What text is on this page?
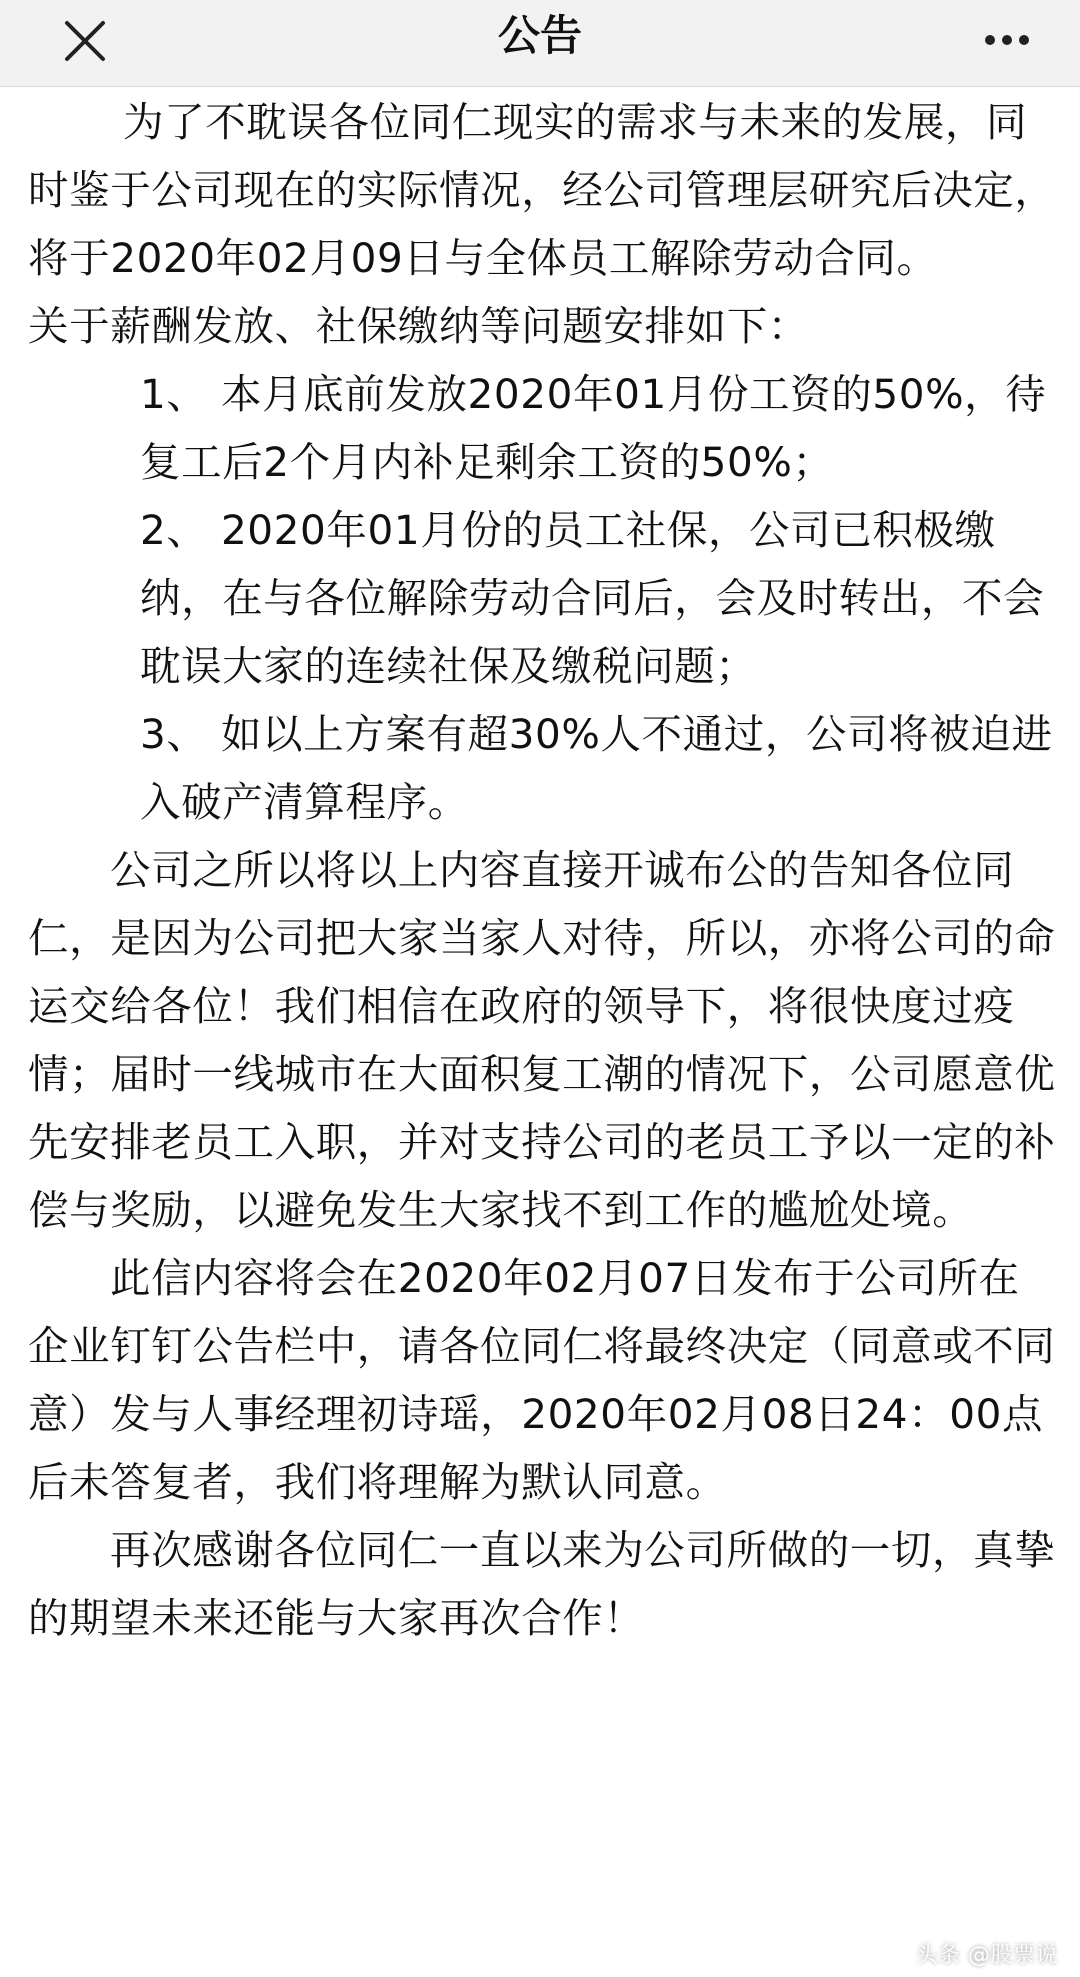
公告

为了不耽误各位同仁现实的需求与未来的发展，同时鉴于公司现在的实际情况，经公司管理层研究后决定，将于2020年02月09日与全体员工解除劳动合同。

关于薪酬发放、社保缴纳等问题安排如下：

1、 本月底前发放2020年01月份工资的50%，待复工后2个月内补足剩余工资的50%；

2、 2020年01月份的员工社保，公司已积极缴纳，在与各位解除劳动合同后，会及时转出，不会耽误大家的连续社保及缴税问题；

3、 如以上方案有超30%人不通过，公司将被迫进入破产清算程序。

公司之所以将以上内容直接开诚布公的告知各位同仁，是因为公司把大家当家人对待，所以，亦将公司的命运交给各位！我们相信在政府的领导下，将很快度过疫情；届时一线城市在大面积复工潮的情况下，公司愿意优先安排老员工入职，并对支持公司的老员工予以一定的补偿与奖励，以避免发生大家找不到工作的尴尬处境。

此信内容将会在2020年02月07日发布于公司所在企业钉钉公告栏中，请各位同仁将最终决定（同意或不同意）发与人事经理初诗瑶，2020年02月08日24：00点后未答复者，我们将理解为默认同意。

再次感谢各位同仁一直以来为公司所做的一切，真挚的期望未来还能与大家再次合作！

头条 @股票说
